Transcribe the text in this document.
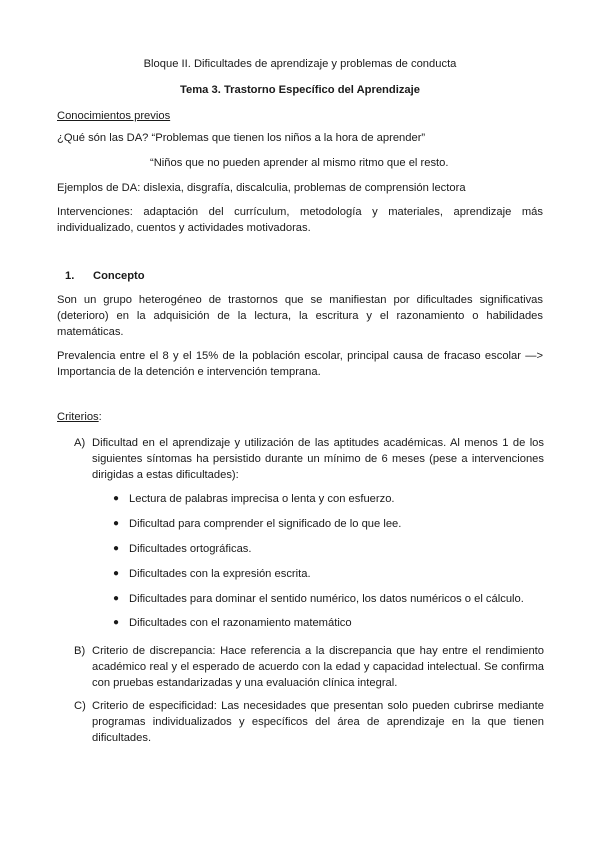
Bloque II. Dificultades de aprendizaje y problemas de conducta
Tema 3. Trastorno Específico del Aprendizaje
Conocimientos previos
¿Qué són las DA? “Problemas que tienen los niños a la hora de aprender”
“Niños que no pueden aprender al mismo ritmo que el resto.
Ejemplos de DA: dislexia, disgrafía, discalculia, problemas de comprensión lectora
Intervenciones: adaptación del currículum, metodología y materiales, aprendizaje más
individualizado, cuentos y actividades motivadoras.
1. Concepto
Son un grupo heterogéneo de trastornos que se manifiestan por dificultades significativas
(deterioro) en la adquisición de la lectura, la escritura y el razonamiento o habilidades
matemáticas.
Prevalencia entre el 8 y el 15% de la población escolar, principal causa de fracaso escolar —>
Importancia de la detención e intervención temprana.
Criterios:
A) Dificultad en el aprendizaje y utilización de las aptitudes académicas. Al menos 1 de los
siguientes síntomas ha persistido durante un mínimo de 6 meses (pese a intervenciones
dirigidas a estas dificultades):
● Lectura de palabras imprecisa o lenta y con esfuerzo.
● Dificultad para comprender el significado de lo que lee.
● Dificultades ortográficas.
● Dificultades con la expresión escrita.
● Dificultades para dominar el sentido numérico, los datos numéricos o el cálculo.
● Dificultades con el razonamiento matemático
B) Criterio de discrepancia: Hace referencia a la discrepancia que hay entre el rendimiento
académico real y el esperado de acuerdo con la edad y capacidad intelectual. Se confirma
con pruebas estandarizadas y una evaluación clínica integral.
C) Criterio de especificidad: Las necesidades que presentan solo pueden cubrirse mediante
programas individualizados y específicos del área de aprendizaje en la que tienen
dificultades.
